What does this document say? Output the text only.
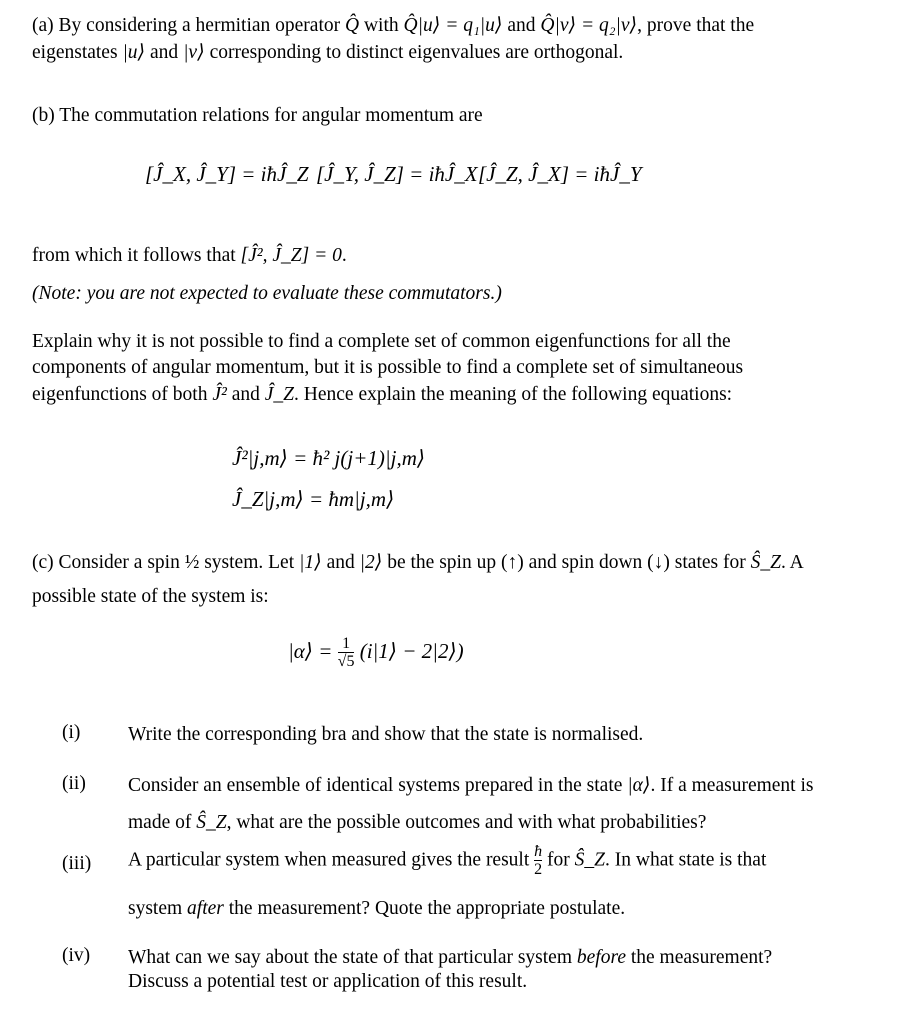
(a) By considering a hermitian operator Q̂ with Q̂|u⟩ = q₁|u⟩ and Q̂|v⟩ = q₂|v⟩, prove that the
eigenstates |u⟩ and |v⟩ corresponding to distinct eigenvalues are orthogonal.
(b) The commutation relations for angular momentum are
[Ĵ_X, Ĵ_Y] = iħĴ_Z [Ĵ_Y, Ĵ_Z] = iħĴ_X [Ĵ_Z, Ĵ_X] = iħĴ_Y
from which it follows that [Ĵ², Ĵ_Z] = 0.
(Note: you are not expected to evaluate these commutators.)
Explain why it is not possible to find a complete set of common eigenfunctions for all the
components of angular momentum, but it is possible to find a complete set of simultaneous
eigenfunctions of both Ĵ² and Ĵ_Z. Hence explain the meaning of the following equations:
Ĵ²|j,m⟩ = ħ² j(j+1)|j,m⟩
Ĵ_Z|j,m⟩ = ħm|j,m⟩
(c) Consider a spin ½ system. Let |1⟩ and |2⟩ be the spin up (↑) and spin down (↓) states for Ŝ_Z. A
possible state of the system is:
|α⟩ = $\frac{1}{√5}$ (i|1⟩ − 2|2⟩)
(i) Write the corresponding bra and show that the state is normalised.
(ii) Consider an ensemble of identical systems prepared in the state |α⟩. If a measurement is
made of Ŝ_Z, what are the possible outcomes and with what probabilities?
(iii) A particular system when measured gives the result $\frac{ħ}{2}$ for Ŝ_Z. In what state is that
system after the measurement? Quote the appropriate postulate.
(iv) What can we say about the state of that particular system before the measurement?
Discuss a potential test or application of this result.
